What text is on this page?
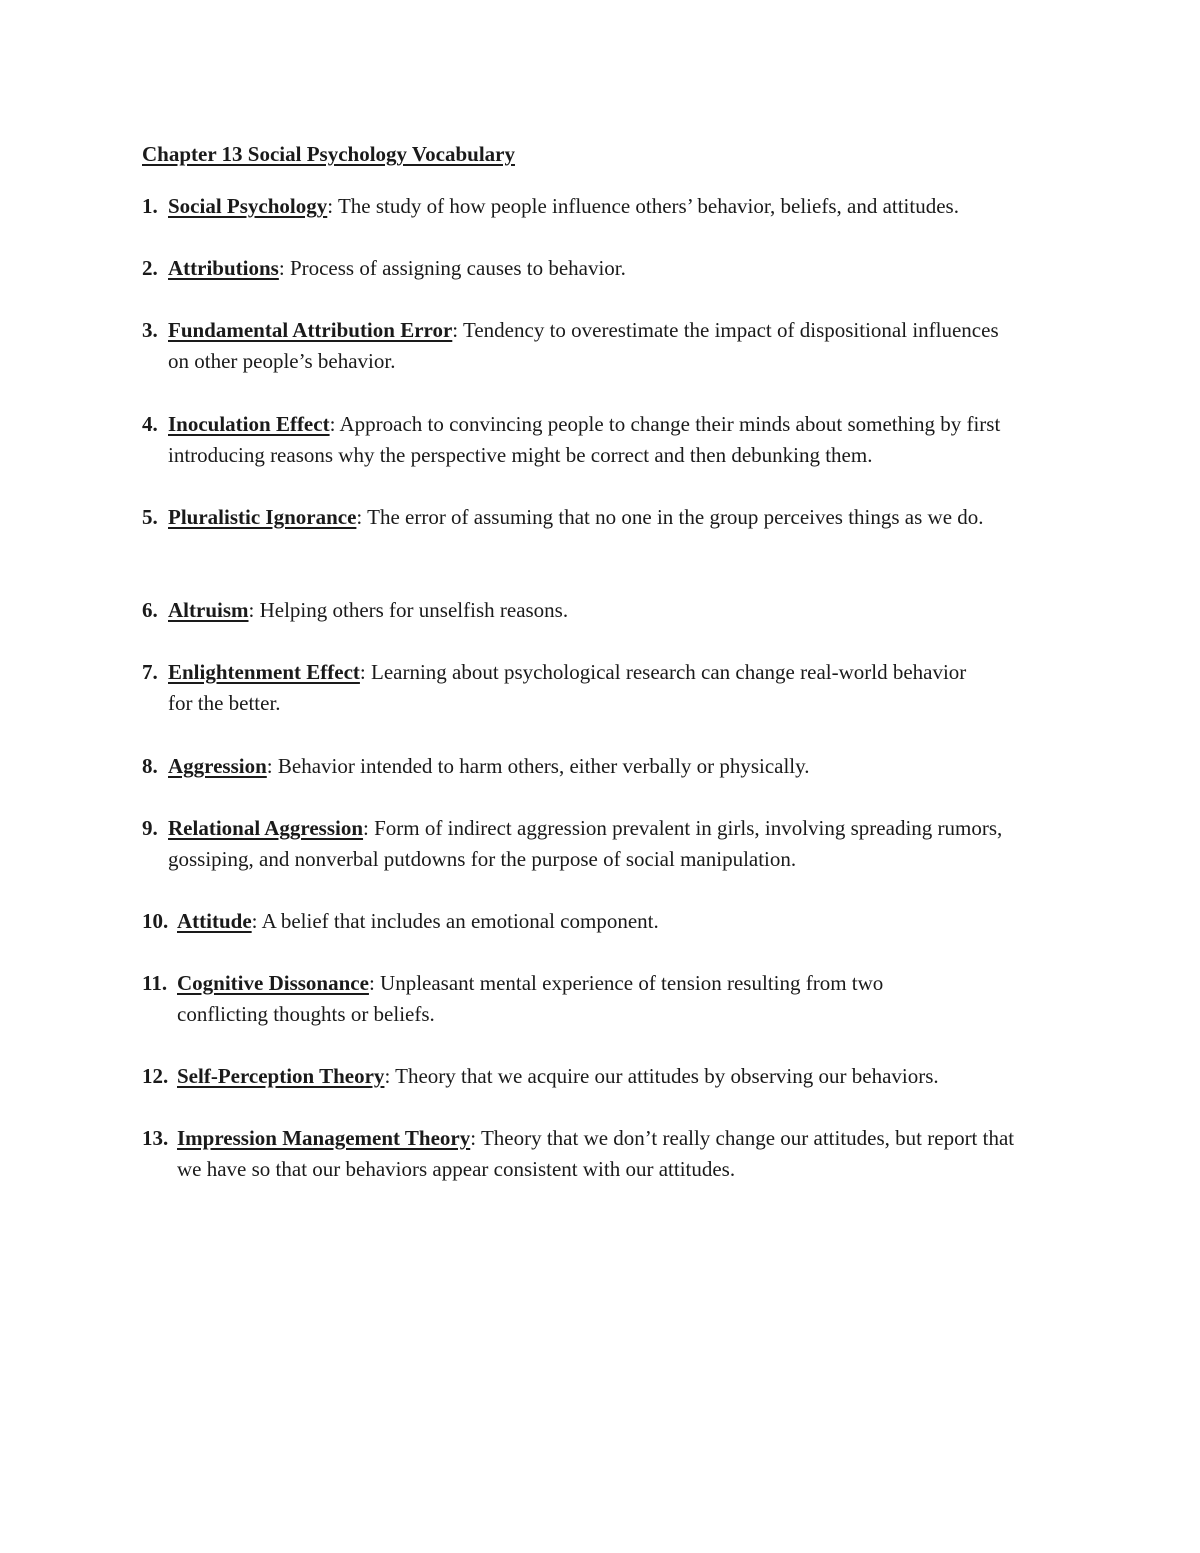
Chapter 13 Social Psychology Vocabulary
1. Social Psychology: The study of how people influence others’ behavior, beliefs, and attitudes.
2. Attributions: Process of assigning causes to behavior.
3. Fundamental Attribution Error: Tendency to overestimate the impact of dispositional influences on other people’s behavior.
4. Inoculation Effect: Approach to convincing people to change their minds about something by first introducing reasons why the perspective might be correct and then debunking them.
5. Pluralistic Ignorance: The error of assuming that no one in the group perceives things as we do.
6. Altruism: Helping others for unselfish reasons.
7. Enlightenment Effect: Learning about psychological research can change real-world behavior for the better.
8. Aggression: Behavior intended to harm others, either verbally or physically.
9. Relational Aggression: Form of indirect aggression prevalent in girls, involving spreading rumors, gossiping, and nonverbal putdowns for the purpose of social manipulation.
10. Attitude: A belief that includes an emotional component.
11. Cognitive Dissonance: Unpleasant mental experience of tension resulting from two conflicting thoughts or beliefs.
12. Self-Perception Theory: Theory that we acquire our attitudes by observing our behaviors.
13. Impression Management Theory: Theory that we don’t really change our attitudes, but report that we have so that our behaviors appear consistent with our attitudes.
